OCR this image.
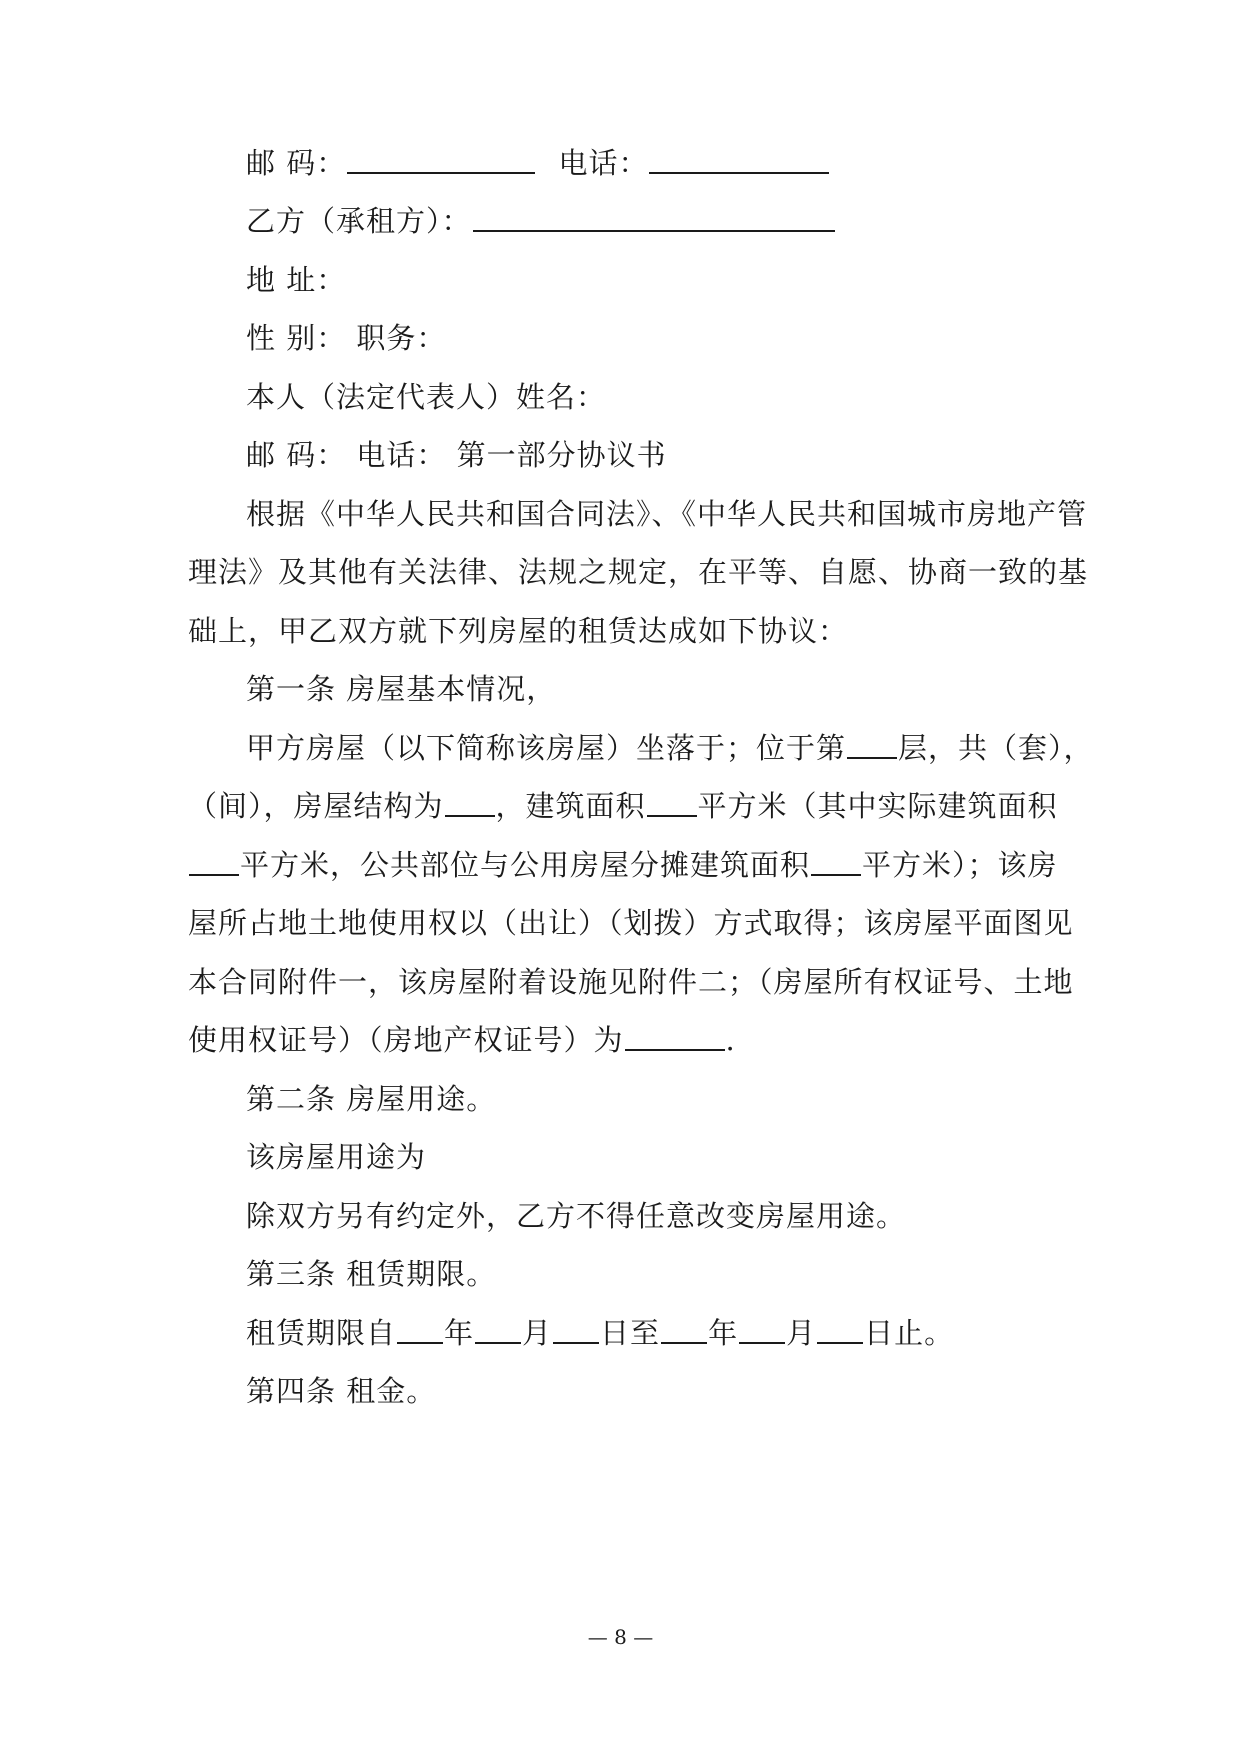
邮 码：	电话：
乙方（承租方）：
地 址：
性 别： 职务：
本人（法定代表人）姓名：
邮 码： 电话： 第一部分协议书
根据《中华人民共和国合同法》、《中华人民共和国城市房地产管
理法》及其他有关法律、法规之规定，在平等、自愿、协商一致的基
础上，甲乙双方就下列房屋的租赁达成如下协议：
第一条 房屋基本情况，
甲方房屋（以下简称该房屋）坐落于；位于第 层，共（套），
（间），房屋结构为 ，建筑面积 平方米（其中实际建筑面积
平方米，公共部位与公用房屋分摊建筑面积 平方米）；该房
屋所占地土地使用权以（出让）（划拨）方式取得；该房屋平面图见
本合同附件一，该房屋附着设施见附件二；（房屋所有权证号、土地
使用权证号）（房地产权证号）为	.
第二条 房屋用途。
该房屋用途为
除双方另有约定外，乙方不得任意改变房屋用途。
第三条 租赁期限。
租赁期限自 年 月 日至 年 月 日止。
第四条 租金。
— 8 —
